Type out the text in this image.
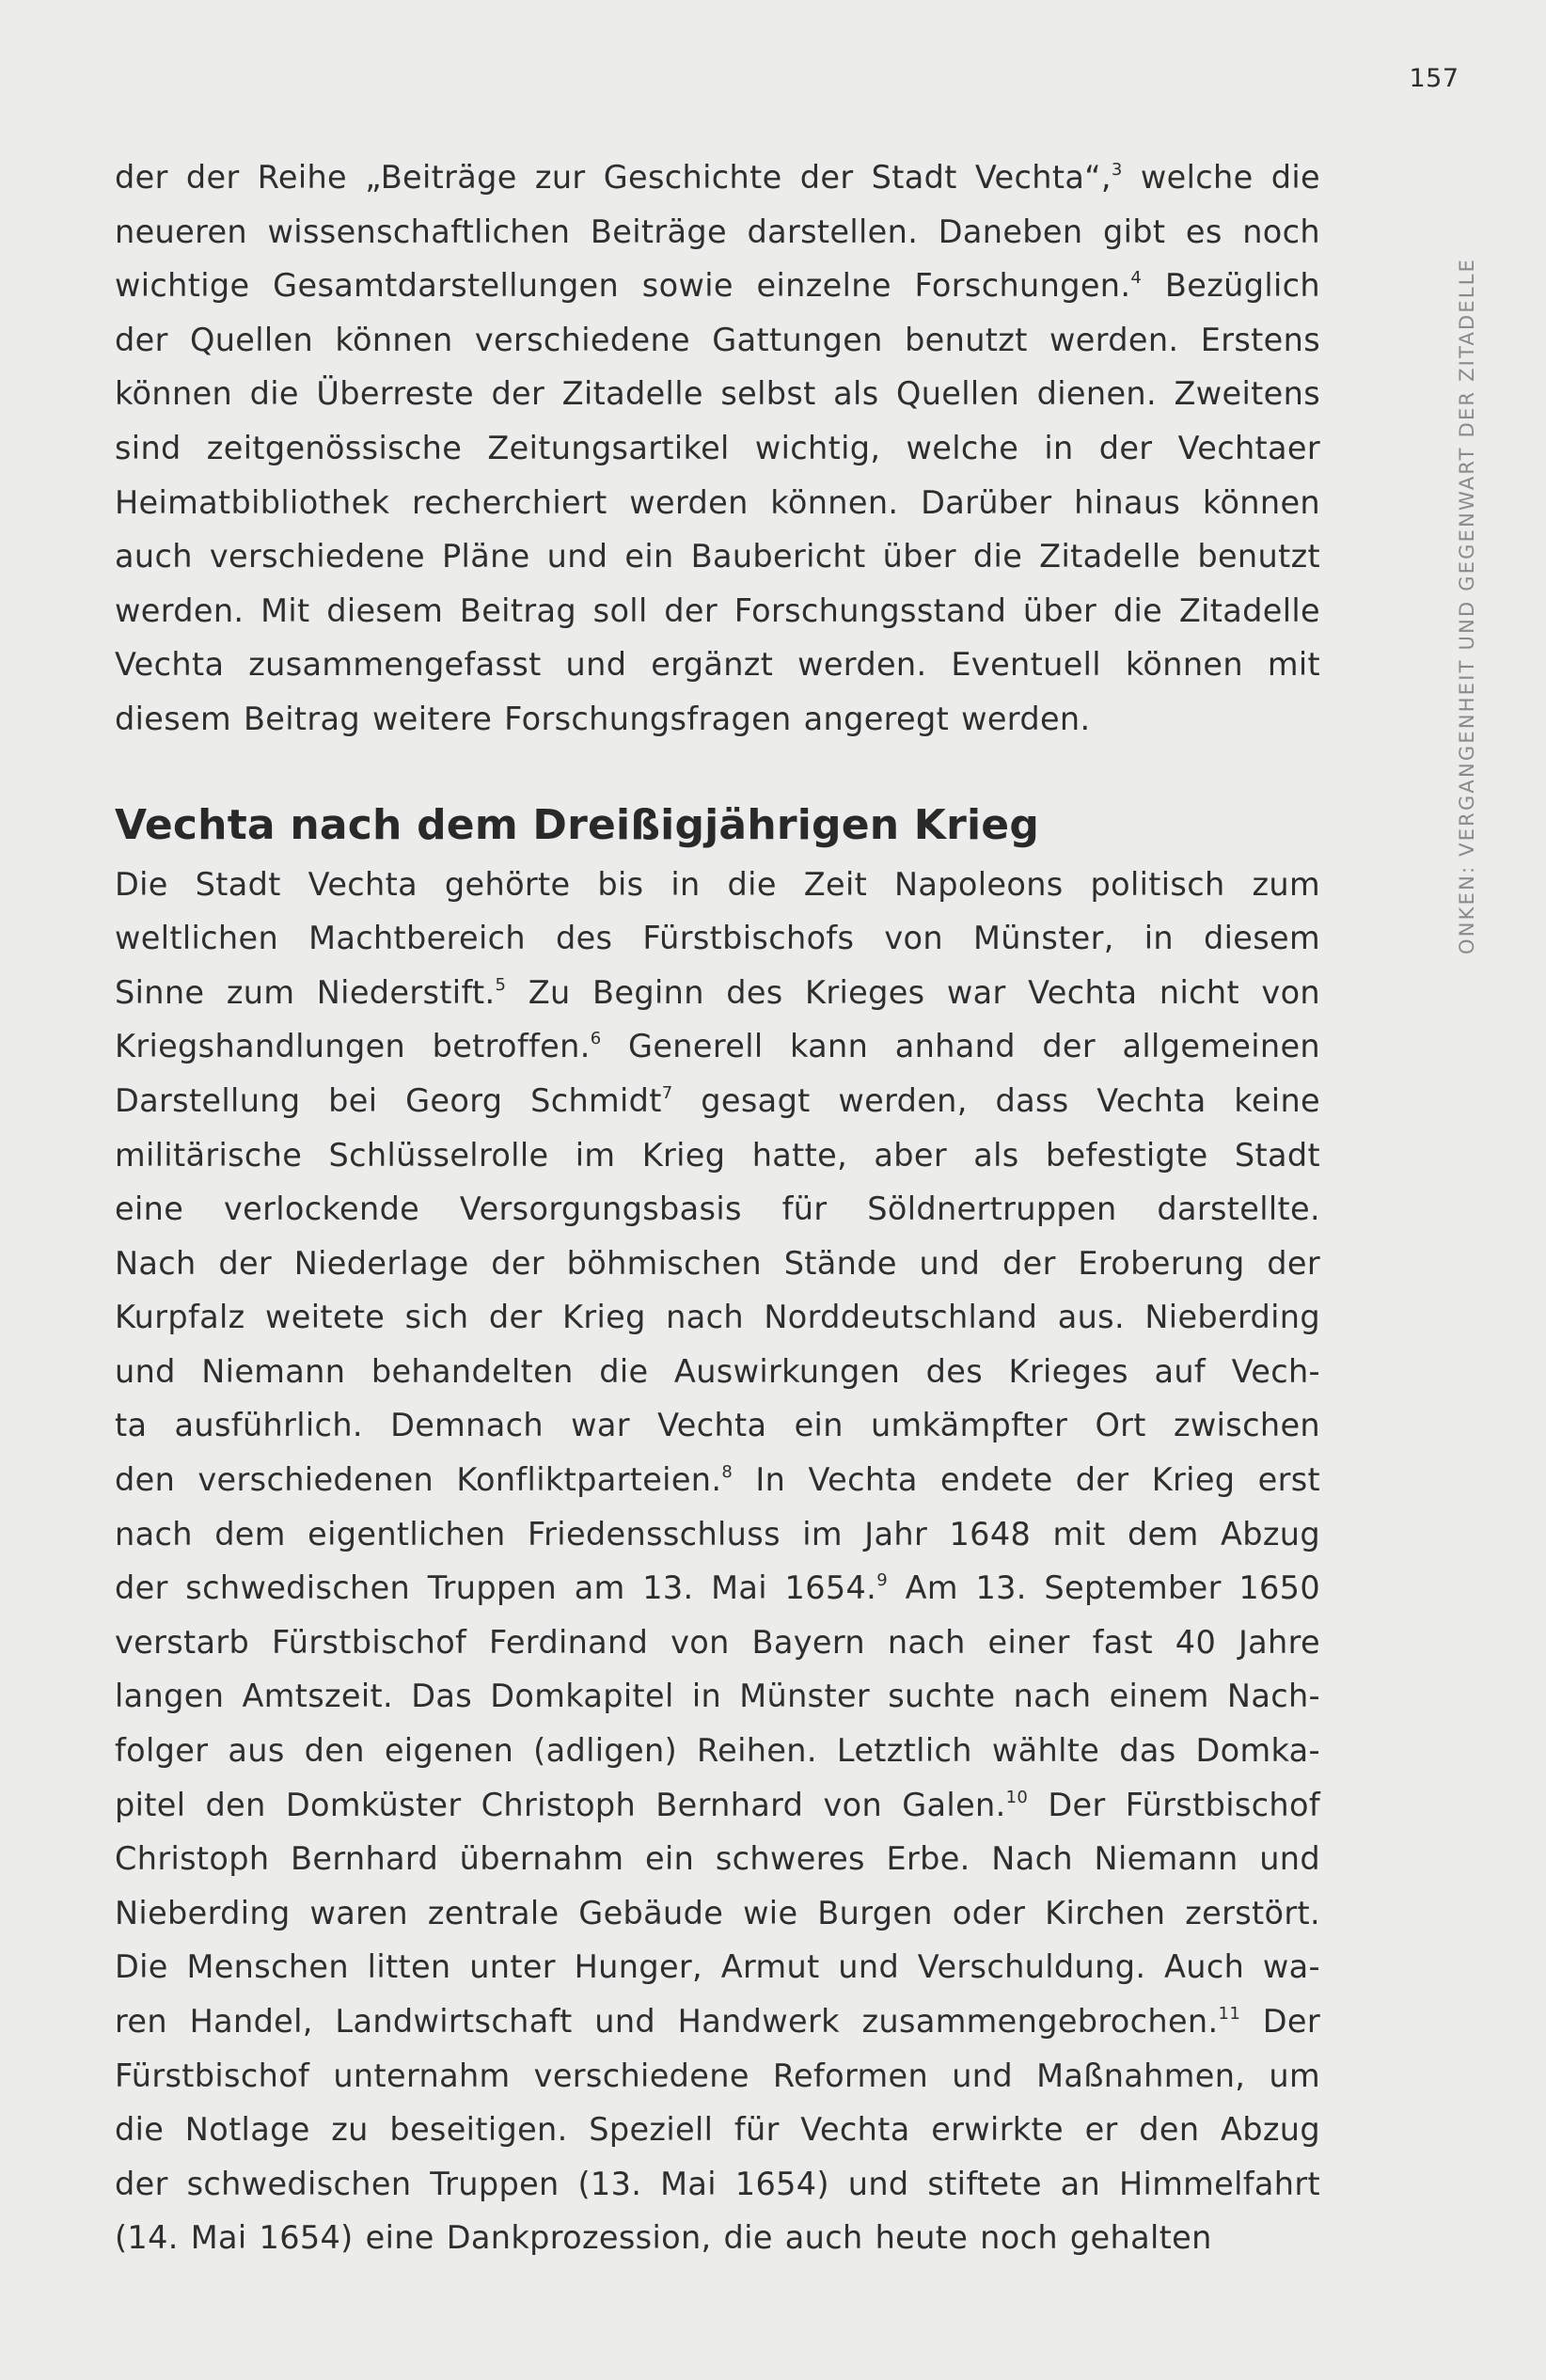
157
ONKEN: VERGANGENHEIT UND GEGENWART DER ZITADELLE
der der Reihe „Beiträge zur Geschichte der Stadt Vechta“,$^3$ welche die
neueren wissenschaftlichen Beiträge darstellen. Daneben gibt es noch
wichtige Gesamtdarstellungen sowie einzelne Forschungen.$^4$ Bezüglich
der Quellen können verschiedene Gattungen benutzt werden. Erstens
können die Überreste der Zitadelle selbst als Quellen dienen. Zweitens
sind zeitgenössische Zeitungsartikel wichtig, welche in der Vechtaer
Heimatbibliothek recherchiert werden können. Darüber hinaus können
auch verschiedene Pläne und ein Baubericht über die Zitadelle benutzt
werden. Mit diesem Beitrag soll der Forschungsstand über die Zitadelle
Vechta zusammengefasst und ergänzt werden. Eventuell können mit
diesem Beitrag weitere Forschungsfragen angeregt werden.
Vechta nach dem Dreißigjährigen Krieg
Die Stadt Vechta gehörte bis in die Zeit Napoleons politisch zum
weltlichen Machtbereich des Fürstbischofs von Münster, in diesem
Sinne zum Niederstift.$^5$ Zu Beginn des Krieges war Vechta nicht von
Kriegshandlungen betroffen.$^6$ Generell kann anhand der allgemeinen
Darstellung bei Georg Schmidt$^7$ gesagt werden, dass Vechta keine
militärische Schlüsselrolle im Krieg hatte, aber als befestigte Stadt
eine verlockende Versorgungsbasis für Söldnertruppen darstellte.
Nach der Niederlage der böhmischen Stände und der Eroberung der
Kurpfalz weitete sich der Krieg nach Norddeutschland aus. Nieberding
und Niemann behandelten die Auswirkungen des Krieges auf Vech-
ta ausführlich. Demnach war Vechta ein umkämpfter Ort zwischen
den verschiedenen Konfliktparteien.$^8$ In Vechta endete der Krieg erst
nach dem eigentlichen Friedensschluss im Jahr 1648 mit dem Abzug
der schwedischen Truppen am 13. Mai 1654.$^9$ Am 13. September 1650
verstarb Fürstbischof Ferdinand von Bayern nach einer fast 40 Jahre
langen Amtszeit. Das Domkapitel in Münster suchte nach einem Nach-
folger aus den eigenen (adligen) Reihen. Letztlich wählte das Domka-
pitel den Domküster Christoph Bernhard von Galen.$^{10}$ Der Fürstbischof
Christoph Bernhard übernahm ein schweres Erbe. Nach Niemann und
Nieberding waren zentrale Gebäude wie Burgen oder Kirchen zerstört.
Die Menschen litten unter Hunger, Armut und Verschuldung. Auch wa-
ren Handel, Landwirtschaft und Handwerk zusammengebrochen.$^{11}$ Der
Fürstbischof unternahm verschiedene Reformen und Maßnahmen, um
die Notlage zu beseitigen. Speziell für Vechta erwirkte er den Abzug
der schwedischen Truppen (13. Mai 1654) und stiftete an Himmelfahrt
(14. Mai 1654) eine Dankprozession, die auch heute noch gehalten
